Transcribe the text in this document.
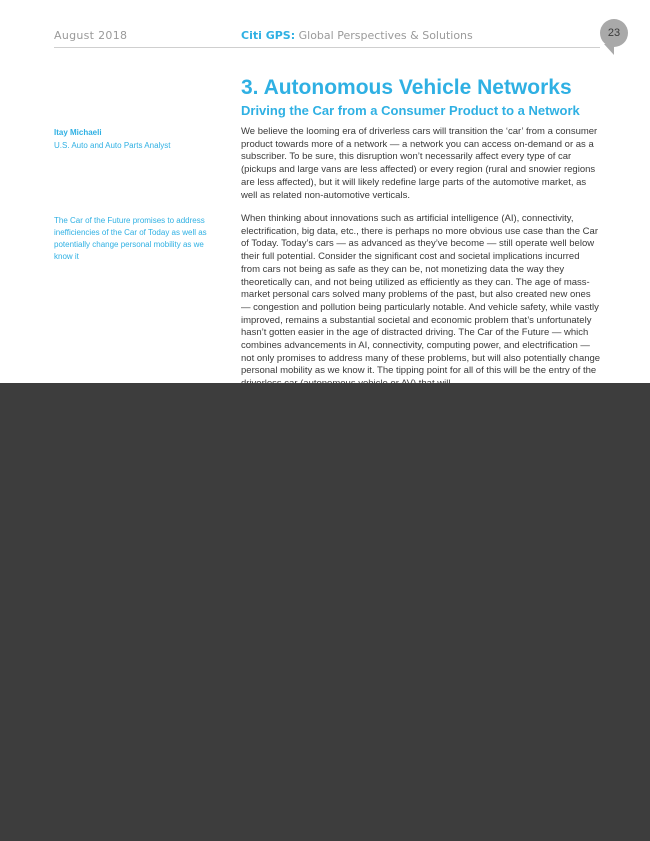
August 2018	Citi GPS: Global Perspectives & Solutions	23
3. Autonomous Vehicle Networks
Driving the Car from a Consumer Product to a Network
Itay Michaeli
U.S. Auto and Auto Parts Analyst

The Car of the Future promises to address inefficiencies of the Car of Today as well as potentially change personal mobility as we know it

We believe the looming era of driverless cars will transition the ‘car’ from a consumer product towards more of a network — a network you can access on-demand or as a subscriber. To be sure, this disruption won’t necessarily affect every type of car (pickups and large vans are less affected) or every region (rural and snowier regions are less affected), but it will likely redefine large parts of the automotive market, as well as related non-automotive verticals.

When thinking about innovations such as artificial intelligence (AI), connectivity, electrification, big data, etc., there is perhaps no more obvious use case than the Car of Today. Today’s cars — as advanced as they’ve become — still operate well below their full potential. Consider the significant cost and societal implications incurred from cars not being as safe as they can be, not monetizing data the way they theoretically can, and not being utilized as efficiently as they can. The age of mass-market personal cars solved many problems of the past, but also created new ones — congestion and pollution being particularly notable. And vehicle safety, while vastly improved, remains a substantial societal and economic problem that’s unfortunately hasn’t gotten easier in the age of distracted driving. The Car of the Future — which combines advancements in AI, connectivity, computing power, and electrification — not only promises to address many of these problems, but will also potentially change personal mobility as we know it. The tipping point for all of this will be the entry of the
